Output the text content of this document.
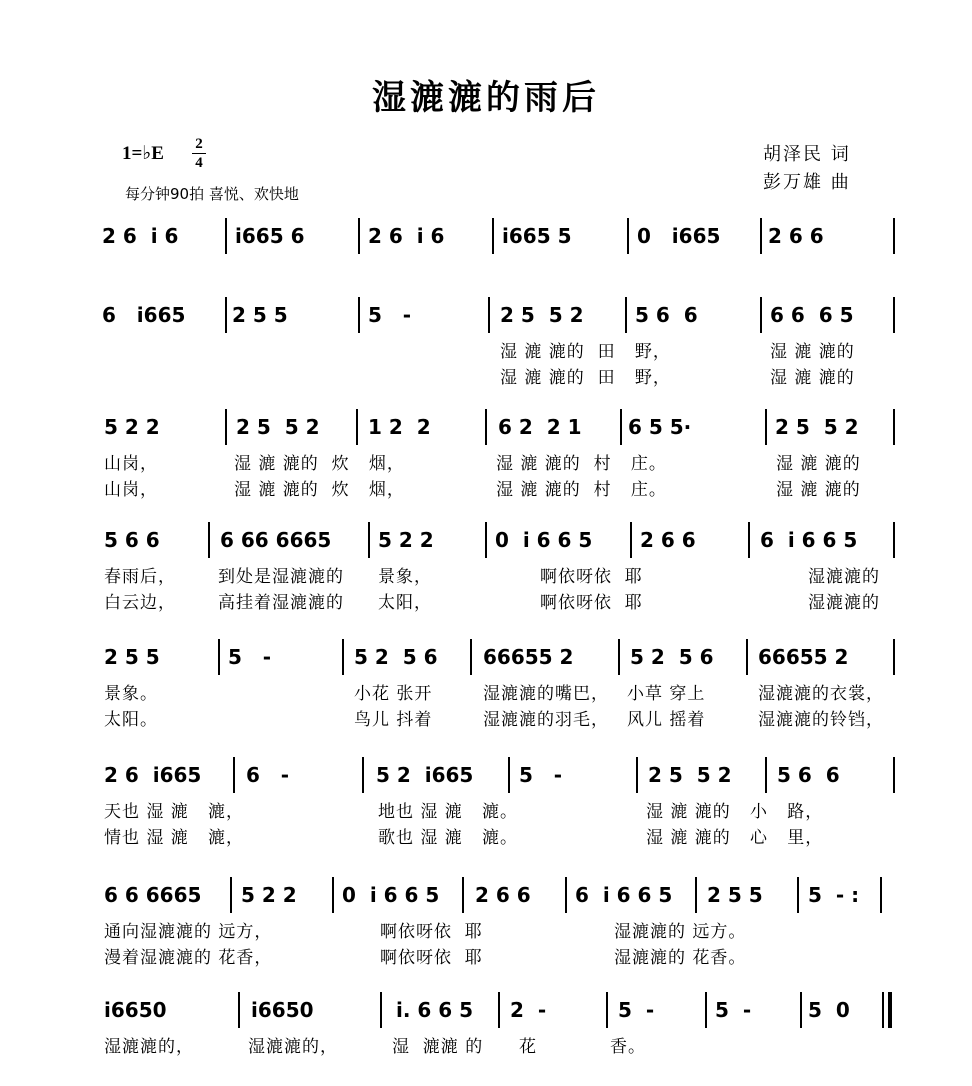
湿漉漉的雨后
1=♭E 2
4
每分钟90拍 喜悦、欢快地
胡泽民 词
彭万雄 曲
2 6  i 6	i665 6	2 6  i 6	i665 5	0   i665 2 6 6
6   i665 2 5 5	5   -	2 5  5 2	5 6  6	6 6  6 5
湿 漉 漉的  田   野，	湿 漉 漉的
湿 漉 漉的  田   野，	湿 漉 漉的
5 2 2	2 5  5 2 1 2  2	6 2  2 1 6 5 5·	2 5  5 2
山岗，	湿 漉 漉的  炊   烟，	湿 漉 漉的  村   庄。	湿 漉 漉的
山岗，	湿 漉 漉的  炊   烟，	湿 漉 漉的  村   庄。	湿 漉 漉的
5 6 6	6 66 6665 5 2 2	0  i 6 6 5 2 6 6	6  i 6 6 5
春雨后， 到处是湿漉漉的 景象，	啊依呀依  耶	湿漉漉的
白云边， 高挂着湿漉漉的 太阳，	啊依呀依  耶	湿漉漉的
2 5 5	5   -	5 2  5 6 66655 2	5 2  5 6 66655 2
景象。	小花 张开	湿漉漉的嘴巴， 小草 穿上	湿漉漉的衣裳，
太阳。	鸟儿 抖着	湿漉漉的羽毛， 风儿 摇着	湿漉漉的铃铛，
2 6  i665 6   -	5 2  i665 5   -	2 5  5 2 5 6  6
天也 湿 漉   漉，	地也 湿 漉   漉。	湿 漉 漉的   小   路，
情也 湿 漉   漉，	歌也 湿 漉   漉。	湿 漉 漉的   心   里，
6 6 6665 5 2 2 0  i 6 6 5 2 6 6 6  i 6 6 5 2 5 5 5  - :
通向湿漉漉的 远方，	啊依呀依  耶	湿漉漉的 远方。
漫着湿漉漉的 花香，	啊依呀依  耶	湿漉漉的 花香。
i6650	i6650	i. 6 6 5 2  -	5  -	5  -	5  0
湿漉漉的，	湿漉漉的，	湿  漉漉 的 花	香。
